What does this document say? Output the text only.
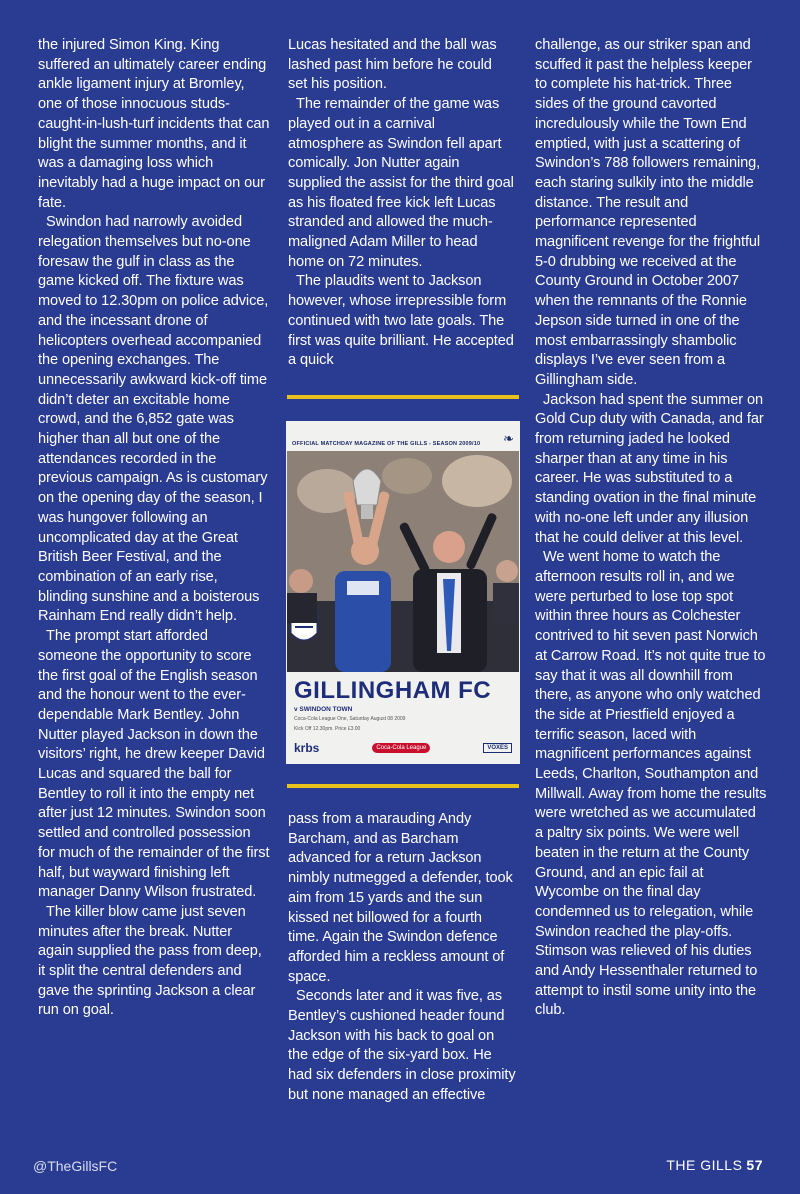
the injured Simon King. King suffered an ultimately career ending ankle ligament injury at Bromley, one of those innocuous studs-caught-in-lush-turf incidents that can blight the summer months, and it was a damaging loss which inevitably had a huge impact on our fate.

Swindon had narrowly avoided relegation themselves but no-one foresaw the gulf in class as the game kicked off. The fixture was moved to 12.30pm on police advice, and the incessant drone of helicopters overhead accompanied the opening exchanges. The unnecessarily awkward kick-off time didn’t deter an excitable home crowd, and the 6,852 gate was higher than all but one of the attendances recorded in the previous campaign. As is customary on the opening day of the season, I was hungover following an uncomplicated day at the Great British Beer Festival, and the combination of an early rise, blinding sunshine and a boisterous Rainham End really didn’t help.

The prompt start afforded someone the opportunity to score the first goal of the English season and the honour went to the ever-dependable Mark Bentley. John Nutter played Jackson in down the visitors’ right, he drew keeper David Lucas and squared the ball for Bentley to roll it into the empty net after just 12 minutes. Swindon soon settled and controlled possession for much of the remainder of the first half, but wayward finishing left manager Danny Wilson frustrated.

The killer blow came just seven minutes after the break. Nutter again supplied the pass from deep, it split the central defenders and gave the sprinting Jackson a clear run on goal.

Lucas hesitated and the ball was lashed past him before he could set his position.

The remainder of the game was played out in a carnival atmosphere as Swindon fell apart comically. Jon Nutter again supplied the assist for the third goal as his floated free kick left Lucas stranded and allowed the much-maligned Adam Miller to head home on 72 minutes.

The plaudits went to Jackson however, whose irrepressible form continued with two late goals. The first was quite brilliant. He accepted a quick

OFFICIAL MATCHDAY MAGAZINE OF THE GILLS - SEASON 2009/10 ❧
GILLINGHAM FC
v SWINDON TOWN
Coca-Cola League One, Saturday August 08 2009
Kick Off 12.30pm. Price £3.00
krbs	Coca-Cola League	VOXES

pass from a marauding Andy Barcham, and as Barcham advanced for a return Jackson nimbly nutmegged a defender, took aim from 15 yards and the sun kissed net billowed for a fourth time. Again the Swindon defence afforded him a reckless amount of space.

Seconds later and it was five, as Bentley’s cushioned header found Jackson with his back to goal on the edge of the six-yard box. He had six defenders in close proximity but none managed an effective

challenge, as our striker span and scuffed it past the helpless keeper to complete his hat-trick. Three sides of the ground cavorted incredulously while the Town End emptied, with just a scattering of Swindon’s 788 followers remaining, each staring sulkily into the middle distance. The result and performance represented magnificent revenge for the frightful 5-0 drubbing we received at the County Ground in October 2007 when the remnants of the Ronnie Jepson side turned in one of the most embarrassingly shambolic displays I’ve ever seen from a Gillingham side.

Jackson had spent the summer on Gold Cup duty with Canada, and far from returning jaded he looked sharper than at any time in his career. He was substituted to a standing ovation in the final minute with no-one left under any illusion that he could deliver at this level.

We went home to watch the afternoon results roll in, and we were perturbed to lose top spot within three hours as Colchester contrived to hit seven past Norwich at Carrow Road. It’s not quite true to say that it was all downhill from there, as anyone who only watched the side at Priestfield enjoyed a terrific season, laced with magnificent performances against Leeds, Charlton, Southampton and Millwall. Away from home the results were wretched as we accumulated a paltry six points. We were well beaten in the return at the County Ground, and an epic fail at Wycombe on the final day condemned us to relegation, while Swindon reached the play-offs. Stimson was relieved of his duties and Andy Hessenthaler returned to attempt to instil some unity into the club.

@TheGillsFC	THE GILLS 57
